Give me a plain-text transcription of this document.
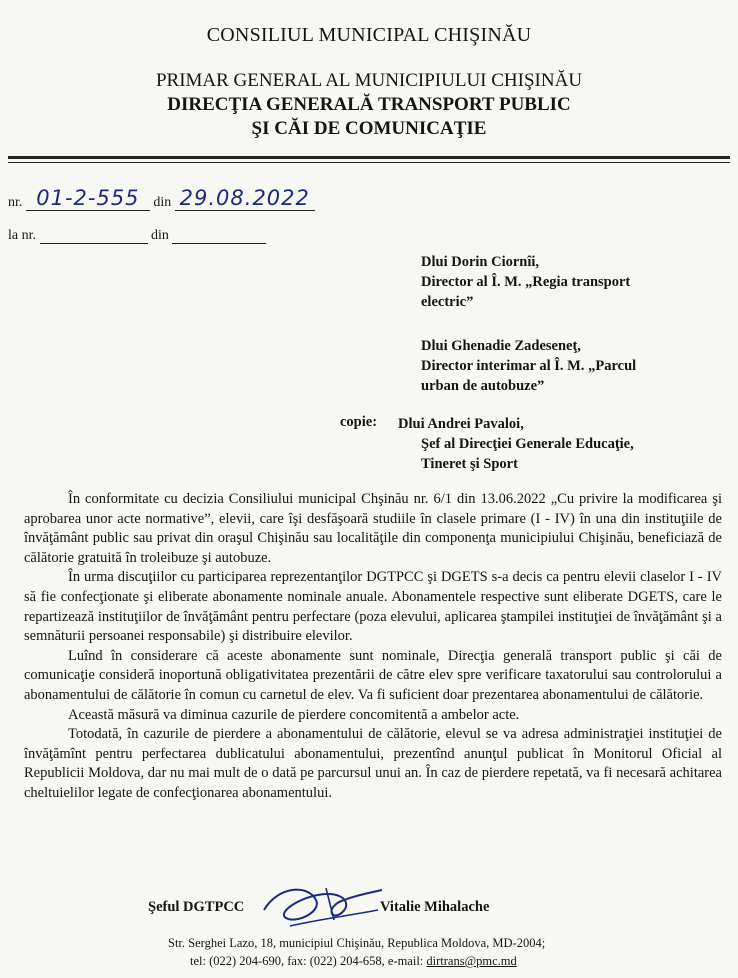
CONSILIUL MUNICIPAL CHIŞINĂU
PRIMAR GENERAL AL MUNICIPIULUI CHIŞINĂU
DIRECŢIA GENERALĂ TRANSPORT PUBLIC
ŞI CĂI DE COMUNICAŢIE
nr. 01-2-555 din 29.08.2022
la nr.	din
Dlui Dorin Ciornîi,
Director al Î. M. „Regia transport
electric”
Dlui Ghenadie Zadeseneţ,
Director interimar al Î. M. „Parcul
urban de autobuze”
copie: Dlui Andrei Pavaloi,
Şef al Direcţiei Generale Educaţie,
Tineret şi Sport

În conformitate cu decizia Consiliului municipal Chşinău nr. 6/1 din 13.06.2022 „Cu privire la modificarea şi aprobarea unor acte normative”, elevii, care îşi desfăşoară studiile în clasele primare (I - IV) în una din instituţiile de învăţământ public sau privat din oraşul Chişinău sau localităţile din componenţa municipiului Chişinău, beneficiază de călătorie gratuită în troleibuze şi autobuze.

În urma discuţiilor cu participarea reprezentanţilor DGTPCC şi DGETS s-a decis ca pentru elevii claselor I - IV să fie confecţionate şi eliberate abonamente nominale anuale. Abonamentele respective sunt eliberate DGETS, care le repartizează instituţiilor de învăţământ pentru perfectare (poza elevului, aplicarea ştampilei instituţiei de învăţământ şi a semnăturii persoanei responsabile) şi distribuire elevilor.

Luînd în considerare că aceste abonamente sunt nominale, Direcţia generală transport public şi căi de comunicaţie consideră inoportună obligativitatea prezentării de către elev spre verificare taxatorului sau controlorului a abonamentului de călătorie în comun cu carnetul de elev. Va fi suficient doar prezentarea abonamentului de călătorie.

Această măsură va diminua cazurile de pierdere concomitentă a ambelor acte.

Totodată, în cazurile de pierdere a abonamentului de călătorie, elevul se va adresa administraţiei instituţiei de învăţămînt pentru perfectarea dublicatului abonamentului, prezentînd anunţul publicat în Monitorul Oficial al Republicii Moldova, dar nu mai mult de o dată pe parcursul unui an. În caz de pierdere repetată, va fi necesară achitarea cheltuielilor legate de confecţionarea abonamentului.

Şeful DGTPCC	Vitalie Mihalache
Str. Serghei Lazo, 18, municipiul Chişinău, Republica Moldova, MD-2004;
tel: (022) 204-690, fax: (022) 204-658, e-mail: dirtrans@pmc.md
